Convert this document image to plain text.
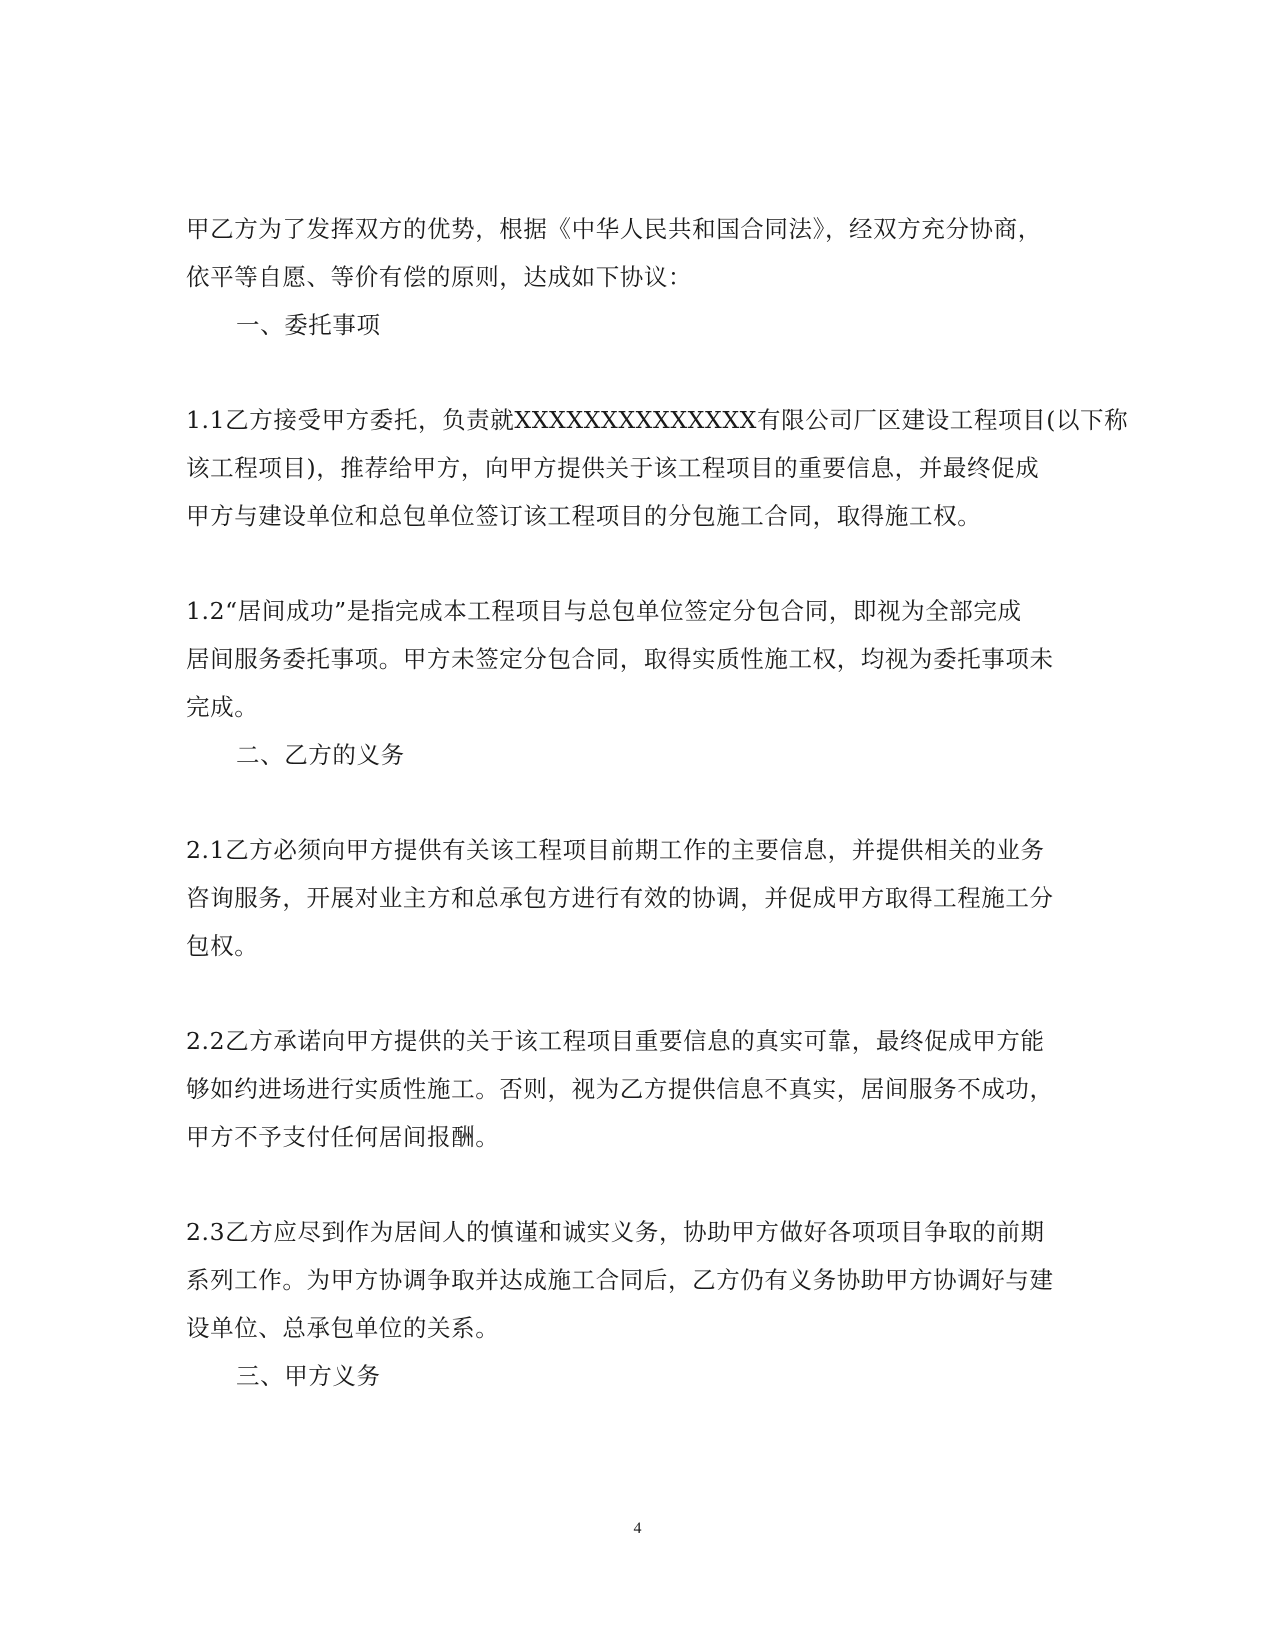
甲乙方为了发挥双方的优势，根据《中华人民共和国合同法》，经双方充分协商，
依平等自愿、等价有偿的原则，达成如下协议：
一、委托事项
1.1乙方接受甲方委托，负责就XXXXXXXXXXXXXX有限公司厂区建设工程项目(以下称
该工程项目)，推荐给甲方，向甲方提供关于该工程项目的重要信息，并最终促成
甲方与建设单位和总包单位签订该工程项目的分包施工合同，取得施工权。
1.2“居间成功”是指完成本工程项目与总包单位签定分包合同，即视为全部完成
居间服务委托事项。甲方未签定分包合同，取得实质性施工权，均视为委托事项未
完成。
二、乙方的义务
2.1乙方必须向甲方提供有关该工程项目前期工作的主要信息，并提供相关的业务
咨询服务，开展对业主方和总承包方进行有效的协调，并促成甲方取得工程施工分
包权。
2.2乙方承诺向甲方提供的关于该工程项目重要信息的真实可靠，最终促成甲方能
够如约进场进行实质性施工。否则，视为乙方提供信息不真实，居间服务不成功，
甲方不予支付任何居间报酬。
2.3乙方应尽到作为居间人的慎谨和诚实义务，协助甲方做好各项项目争取的前期
系列工作。为甲方协调争取并达成施工合同后，乙方仍有义务协助甲方协调好与建
设单位、总承包单位的关系。
三、甲方义务
4
